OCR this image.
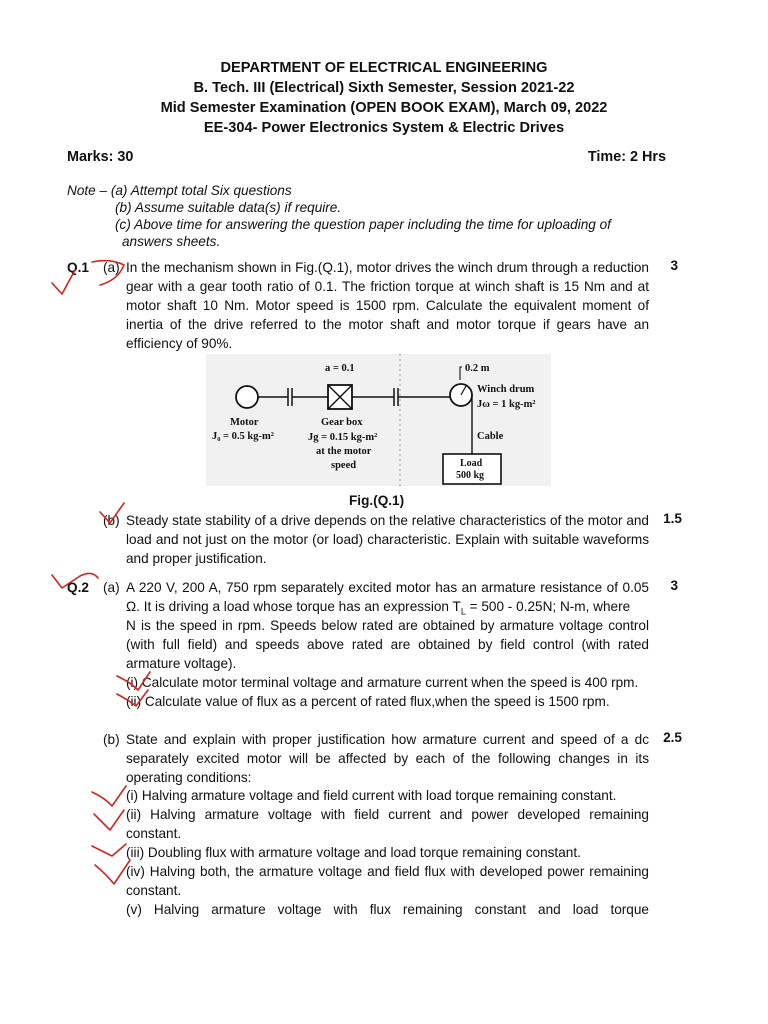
DEPARTMENT OF ELECTRICAL ENGINEERING
B. Tech. III (Electrical) Sixth Semester, Session 2021-22
Mid Semester Examination (OPEN BOOK EXAM), March 09, 2022
EE-304- Power Electronics System & Electric Drives
Marks: 30	Time: 2 Hrs
Note – (a) Attempt total Six questions
(b) Assume suitable data(s) if require.
(c) Above time for answering the question paper including the time for uploading of
answers sheets.
Q.1 (a) In the mechanism shown in Fig.(Q.1), motor drives the winch drum through a reduction gear with a gear tooth ratio of 0.1. The friction torque at winch shaft is 15 Nm and at motor shaft 10 Nm. Motor speed is 1500 rpm. Calculate the equivalent moment of inertia of the drive referred to the motor shaft and motor torque if gears have an efficiency of 90%.
3
a = 0.1
Motor
J₀ = 0.5 kg-m²
Gear box
Jg = 0.15 kg-m²
at the motor
speed
0.2 m
Winch drum
Jω = 1 kg-m²
Cable
Load
500 kg
Fig.(Q.1)
(b) Steady state stability of a drive depends on the relative characteristics of the motor and load and not just on the motor (or load) characteristic. Explain with suitable waveforms and proper justification.
1.5
Q.2 (a) A 220 V, 200 A, 750 rpm separately excited motor has an armature resistance of 0.05
Ω. It is driving a load whose torque has an expression $T_L = 500 - 0.25N$; N-m, where
N is the speed in rpm. Speeds below rated are obtained by armature voltage control
(with full field) and speeds above rated are obtained by field control (with rated
armature voltage).
(i) Calculate motor terminal voltage and armature current when the speed is 400 rpm.
(ii) Calculate value of flux as a percent of rated flux,when the speed is 1500 rpm.
3
(b) State and explain with proper justification how armature current and speed of a dc separately excited motor will be affected by each of the following changes in its operating conditions:
2.5
(i) Halving armature voltage and field current with load torque remaining constant.
(ii) Halving armature voltage with field current and power developed remaining
constant.
(iii) Doubling flux with armature voltage and load torque remaining constant.
(iv) Halving both, the armature voltage and field flux with developed power remaining
constant.
(v) Halving armature voltage with flux remaining constant and load torque
